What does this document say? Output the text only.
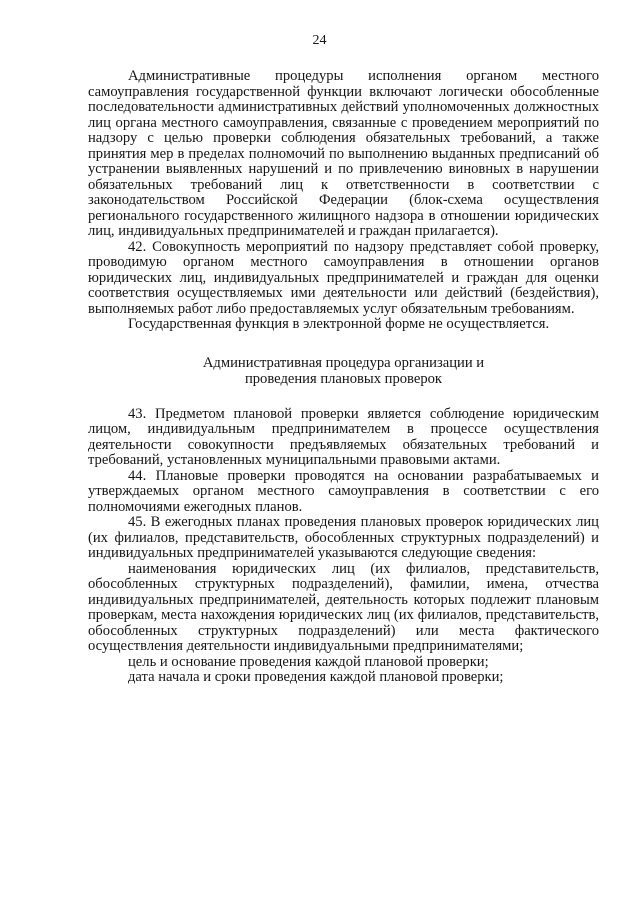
24

Административные процедуры исполнения органом местного самоуправления государственной функции включают логически обособленные последовательности административных действий уполномоченных должностных лиц органа местного самоуправления, связанные с проведением мероприятий по надзору с целью проверки соблюдения обязательных требований, а также принятия мер в пределах полномочий по выполнению выданных предписаний об устранении выявленных нарушений и по привлечению виновных в нарушении обязательных требований лиц к ответственности в соответствии с законодательством Российской Федерации (блок-схема осуществления регионального государственного жилищного надзора в отношении юридических лиц, индивидуальных предпринимателей и граждан прилагается).

42. Совокупность мероприятий по надзору представляет собой проверку, проводимую органом местного самоуправления в отношении органов юридических лиц, индивидуальных предпринимателей и граждан для оценки соответствия осуществляемых ими деятельности или действий (бездействия), выполняемых работ либо предоставляемых услуг обязательным требованиям.

Государственная функция в электронной форме не осуществляется.

Административная процедура организации и

проведения плановых проверок

43. Предметом плановой проверки является соблюдение юридическим лицом, индивидуальным предпринимателем в процессе осуществления деятельности совокупности предъявляемых обязательных требований и требований, установленных муниципальными правовыми актами.

44. Плановые проверки проводятся на основании разрабатываемых и утверждаемых органом местного самоуправления в соответствии с его полномочиями ежегодных планов.

45. В ежегодных планах проведения плановых проверок юридических лиц (их филиалов, представительств, обособленных структурных подразделений) и индивидуальных предпринимателей указываются следующие сведения:

наименования юридических лиц (их филиалов, представительств, обособленных структурных подразделений), фамилии, имена, отчества индивидуальных предпринимателей, деятельность которых подлежит плановым проверкам, места нахождения юридических лиц (их филиалов, представительств, обособленных структурных подразделений) или места фактического осуществления деятельности индивидуальными предпринимателями;

цель и основание проведения каждой плановой проверки;

дата начала и сроки проведения каждой плановой проверки;
